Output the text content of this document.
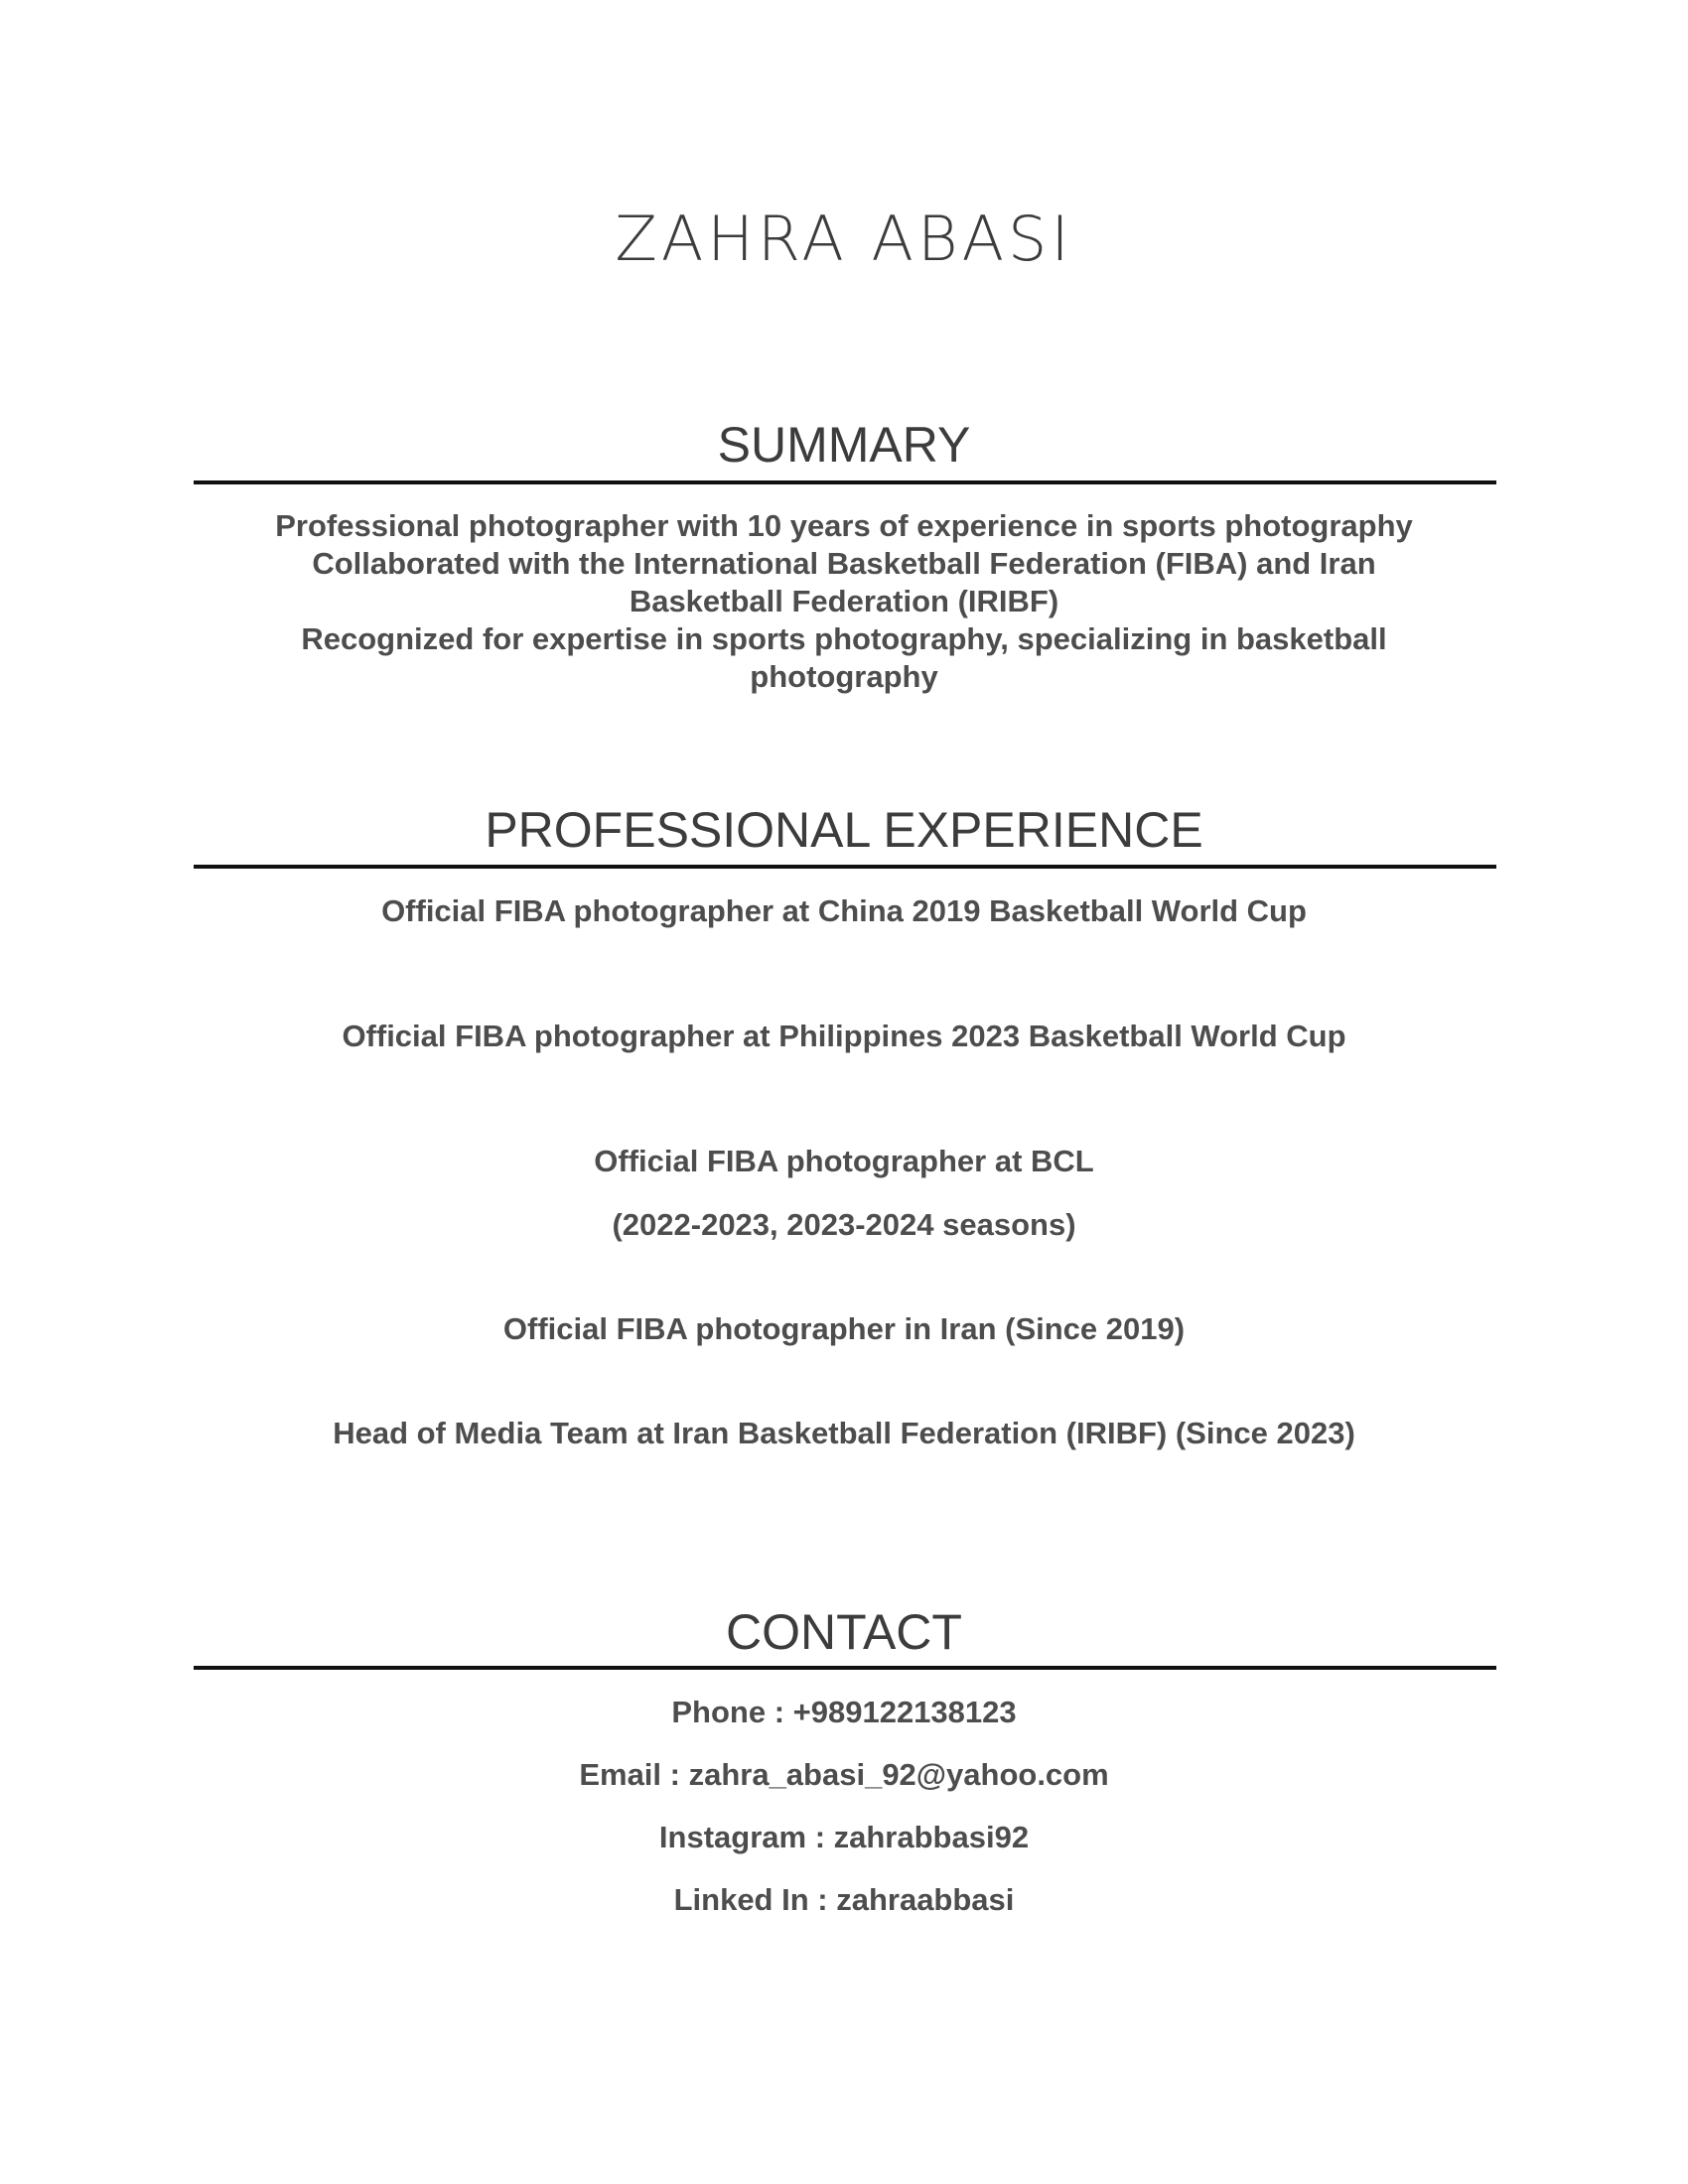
ZAHRA ABASI
SUMMARY
Professional photographer with 10 years of experience in sports photography
Collaborated with the International Basketball Federation (FIBA) and Iran
Basketball Federation (IRIBF)
Recognized for expertise in sports photography, specializing in basketball
photography
PROFESSIONAL EXPERIENCE
Official FIBA photographer at China 2019 Basketball World Cup
Official FIBA photographer at Philippines 2023 Basketball World Cup
Official FIBA photographer at BCL
(2022-2023, 2023-2024 seasons)
Official FIBA photographer in Iran (Since 2019)
Head of Media Team at Iran Basketball Federation (IRIBF) (Since 2023)
CONTACT
Phone : +989122138123
Email : zahra_abasi_92@yahoo.com
Instagram : zahrabbasi92
Linked In : zahraabbasi
